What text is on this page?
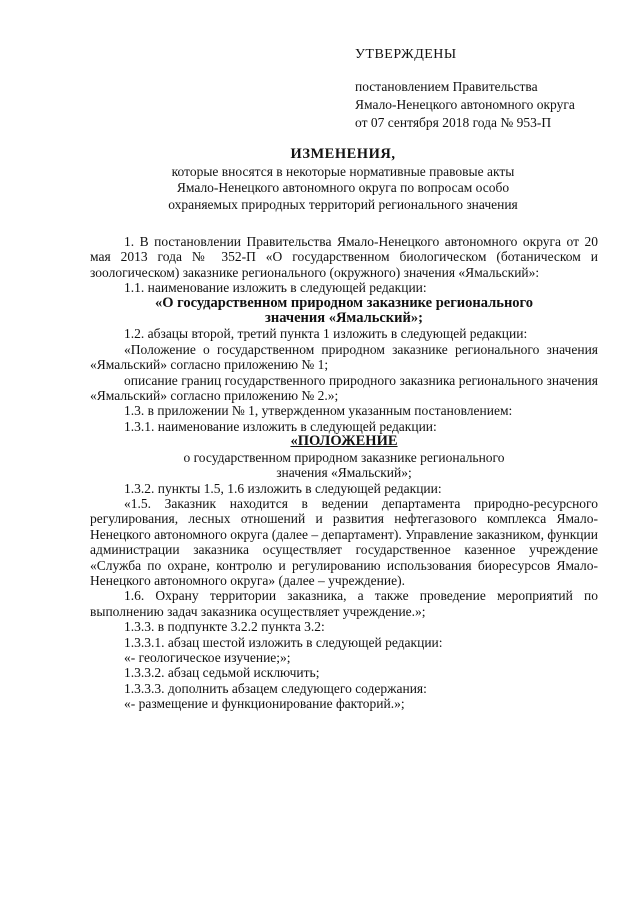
УТВЕРЖДЕНЫ
постановлением Правительства
Ямало-Ненецкого автономного округа
от 07 сентября 2018 года № 953-П
ИЗМЕНЕНИЯ,
которые вносятся в некоторые нормативные правовые акты
Ямало-Ненецкого автономного округа по вопросам особо
охраняемых природных территорий регионального значения

1. В постановлении Правительства Ямало-Ненецкого автономного округа от 20 мая 2013 года № 352-П «О государственном биологическом (ботаническом и зоологическом) заказнике регионального (окружного) значения «Ямальский»:

1.1. наименование изложить в следующей редакции:

«О государственном природном заказнике регионального

значения «Ямальский»;

1.2. абзацы второй, третий пункта 1 изложить в следующей редакции:

«Положение о государственном природном заказнике регионального значения «Ямальский» согласно приложению № 1;

описание границ государственного природного заказника регионального значения «Ямальский» согласно приложению № 2.»;

1.3. в приложении № 1, утвержденном указанным постановлением:

1.3.1. наименование изложить в следующей редакции:

«ПОЛОЖЕНИЕ

о государственном природном заказнике регионального

значения «Ямальский»;

1.3.2. пункты 1.5, 1.6 изложить в следующей редакции:

«1.5. Заказник находится в ведении департамента природно-ресурсного регулирования, лесных отношений и развития нефтегазового комплекса Ямало-Ненецкого автономного округа (далее – департамент). Управление заказником, функции администрации заказника осуществляет государственное казенное учреждение «Служба по охране, контролю и регулированию использования биоресурсов Ямало-Ненецкого автономного округа» (далее – учреждение).

1.6. Охрану территории заказника, а также проведение мероприятий по выполнению задач заказника осуществляет учреждение.»;

1.3.3. в подпункте 3.2.2 пункта 3.2:

1.3.3.1. абзац шестой изложить в следующей редакции:

«- геологическое изучение;»;

1.3.3.2. абзац седьмой исключить;

1.3.3.3. дополнить абзацем следующего содержания:

«- размещение и функционирование факторий.»;
